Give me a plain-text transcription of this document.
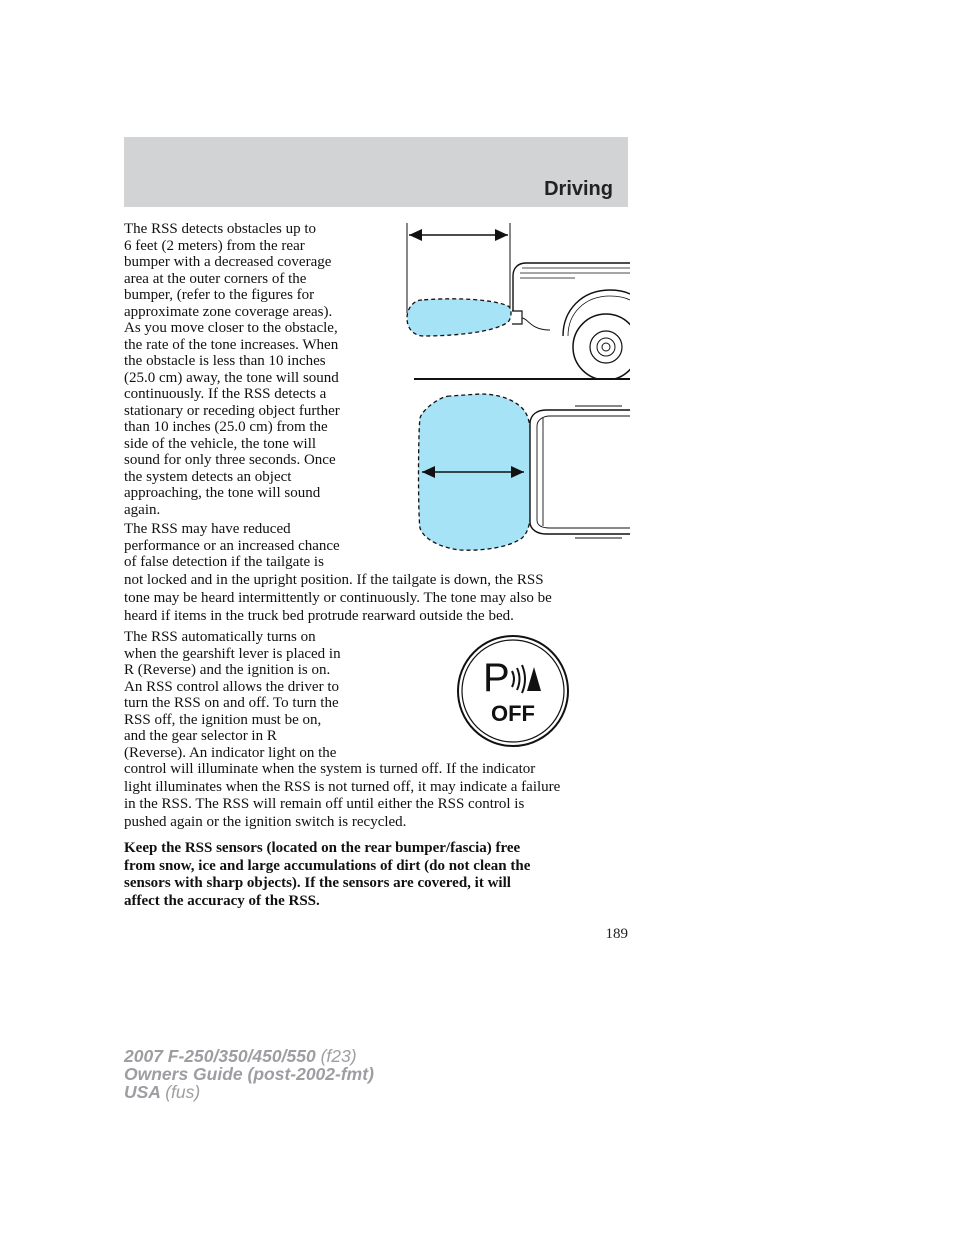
Driving

The RSS detects obstacles up to
6 feet (2 meters) from the rear
bumper with a decreased coverage
area at the outer corners of the
bumper, (refer to the figures for
approximate zone coverage areas).
As you move closer to the obstacle,
the rate of the tone increases. When
the obstacle is less than 10 inches
(25.0 cm) away, the tone will sound
continuously. If the RSS detects a
stationary or receding object further
than 10 inches (25.0 cm) from the
side of the vehicle, the tone will
sound for only three seconds. Once
the system detects an object
approaching, the tone will sound
again.

The RSS may have reduced
performance or an increased chance
of false detection if the tailgate is
not locked and in the upright position. If the tailgate is down, the RSS
tone may be heard intermittently or continuously. The tone may also be
heard if items in the truck bed protrude rearward outside the bed.

The RSS automatically turns on
when the gearshift lever is placed in
R (Reverse) and the ignition is on.
An RSS control allows the driver to
turn the RSS on and off. To turn the
RSS off, the ignition must be on,
and the gear selector in R
(Reverse). An indicator light on the
control will illuminate when the system is turned off. If the indicator
light illuminates when the RSS is not turned off, it may indicate a failure
in the RSS. The RSS will remain off until either the RSS control is
pushed again or the ignition switch is recycled.

Keep the RSS sensors (located on the rear bumper/fascia) free
from snow, ice and large accumulations of dirt (do not clean the
sensors with sharp objects). If the sensors are covered, it will
affect the accuracy of the RSS.

P
OFF
189
2007 F-250/350/450/550 (f23)
Owners Guide (post-2002-fmt)
USA (fus)
